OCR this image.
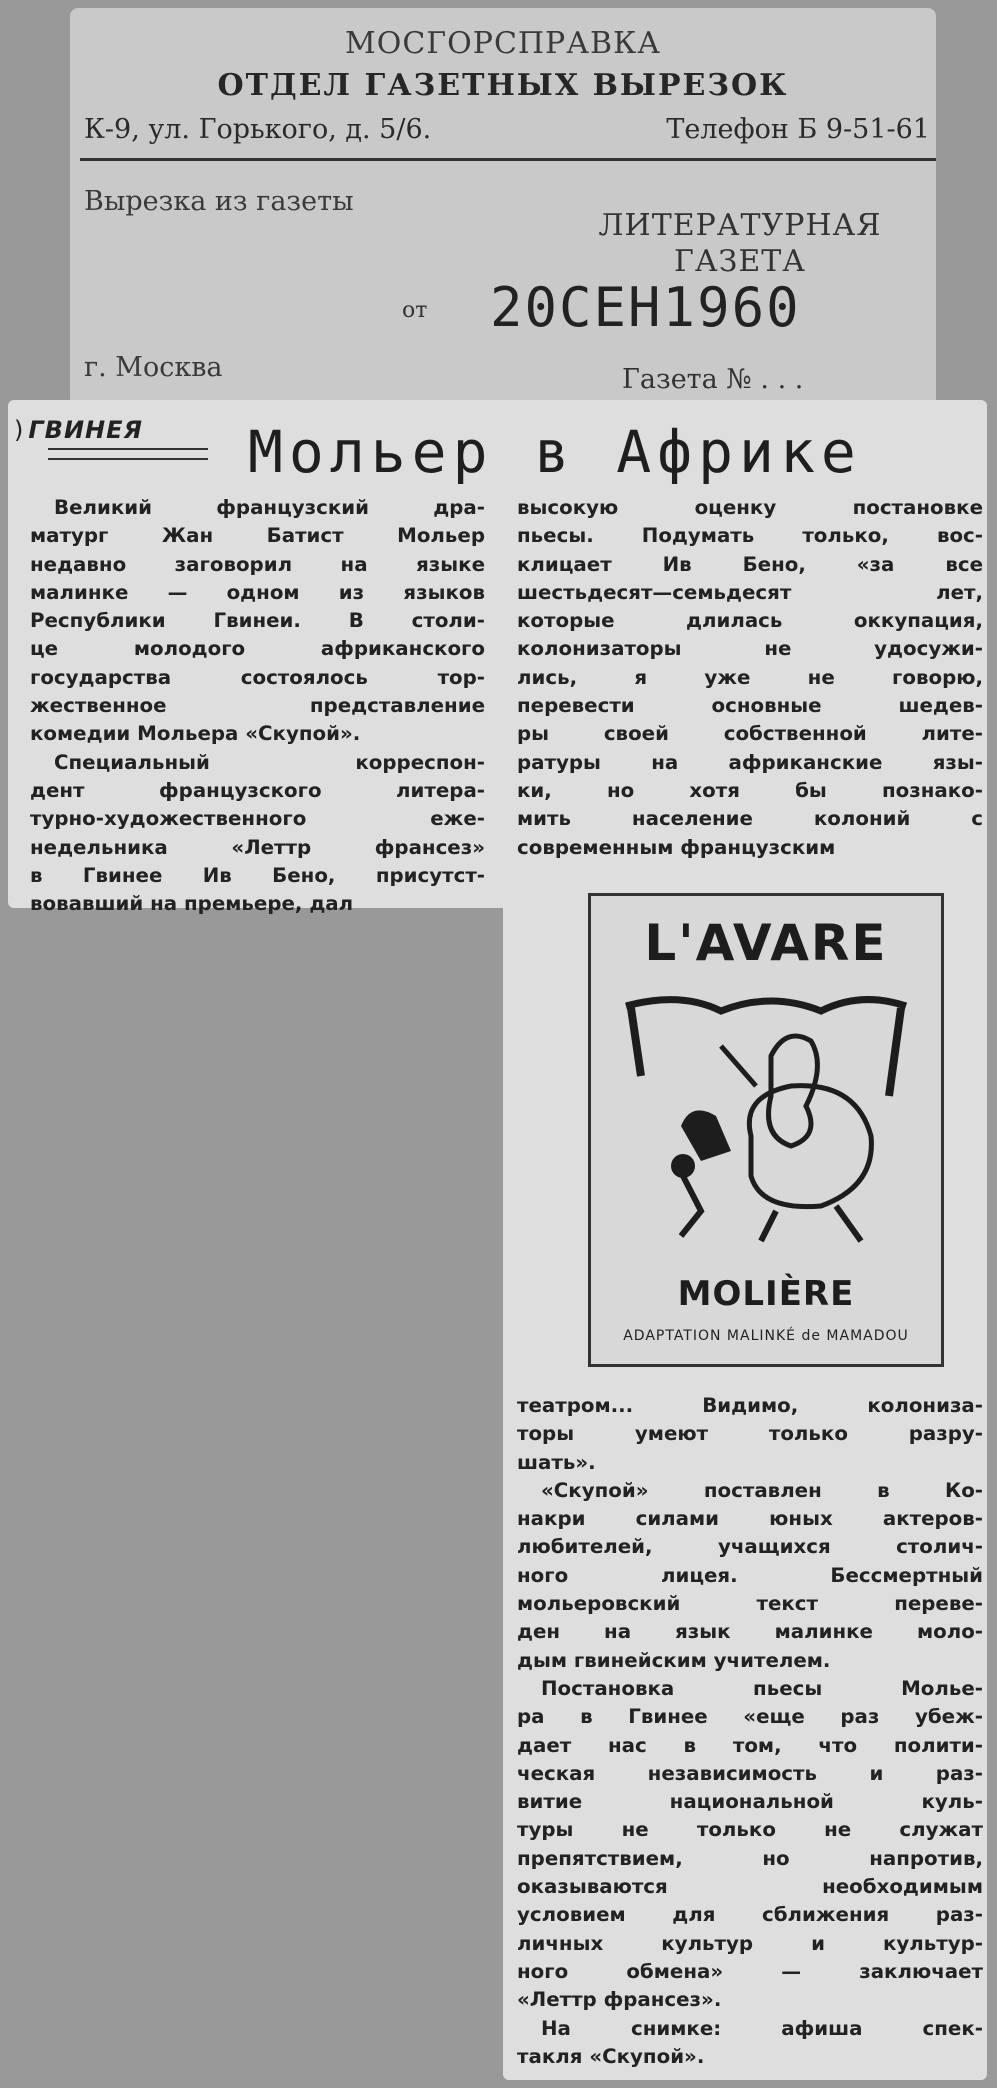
МОСГОРСПРАВКА
ОТДЕЛ ГАЗЕТНЫХ ВЫРЕЗОК
К-9, ул. Горького, д. 5/6.	Телефон Б 9-51-61
Вырезка из газеты
ЛИТЕРАТУРНАЯ
ГАЗЕТА
от 20СЕН1960
г. Москва	Газета № . . .
) ГВИНЕЯ Мольер в Африке
Великий французский дра-
матург Жан Батист Мольер
недавно заговорил на языке
малинке — одном из языков
Республики Гвинеи. В столи-
це молодого африканского
государства состоялось тор-
жественное представление
комедии Мольера «Скупой».
Специальный корреспон-
дент французского литера-
турно-художественного еже-
недельника «Леттр франсез»
в Гвинее Ив Бено, присутст-
вовавший на премьере, дал
высокую оценку постановке
пьесы. Подумать только, вос-
клицает Ив Бено, «за все
шестьдесят—семьдесят лет,
которые длилась оккупация,
колонизаторы не удосужи-
лись, я уже не говорю,
перевести основные шедев-
ры своей собственной лите-
ратуры на африканские язы-
ки, но хотя бы познако-
мить население колоний с
современным французским
театром... Видимо, колониза-
торы умеют только разру-
шать».
«Скупой» поставлен в Ко-
накри силами юных актеров-
любителей, учащихся столич-
ного лицея. Бессмертный
мольеровский текст переве-
ден на язык малинке моло-
дым гвинейским учителем.
Постановка пьесы Молье-
ра в Гвинее «еще раз убеж-
дает нас в том, что полити-
ческая независимость и раз-
витие национальной куль-
туры не только не служат
препятствием, но напротив,
оказываются необходимым
условием для сближения раз-
личных культур и культур-
ного обмена» — заключает
«Леттр франсез».
На снимке: афиша спек-
такля «Скупой».
L'AVARE
MOLIÈRE
ADAPTATION MALINKÉ de MAMADOU
